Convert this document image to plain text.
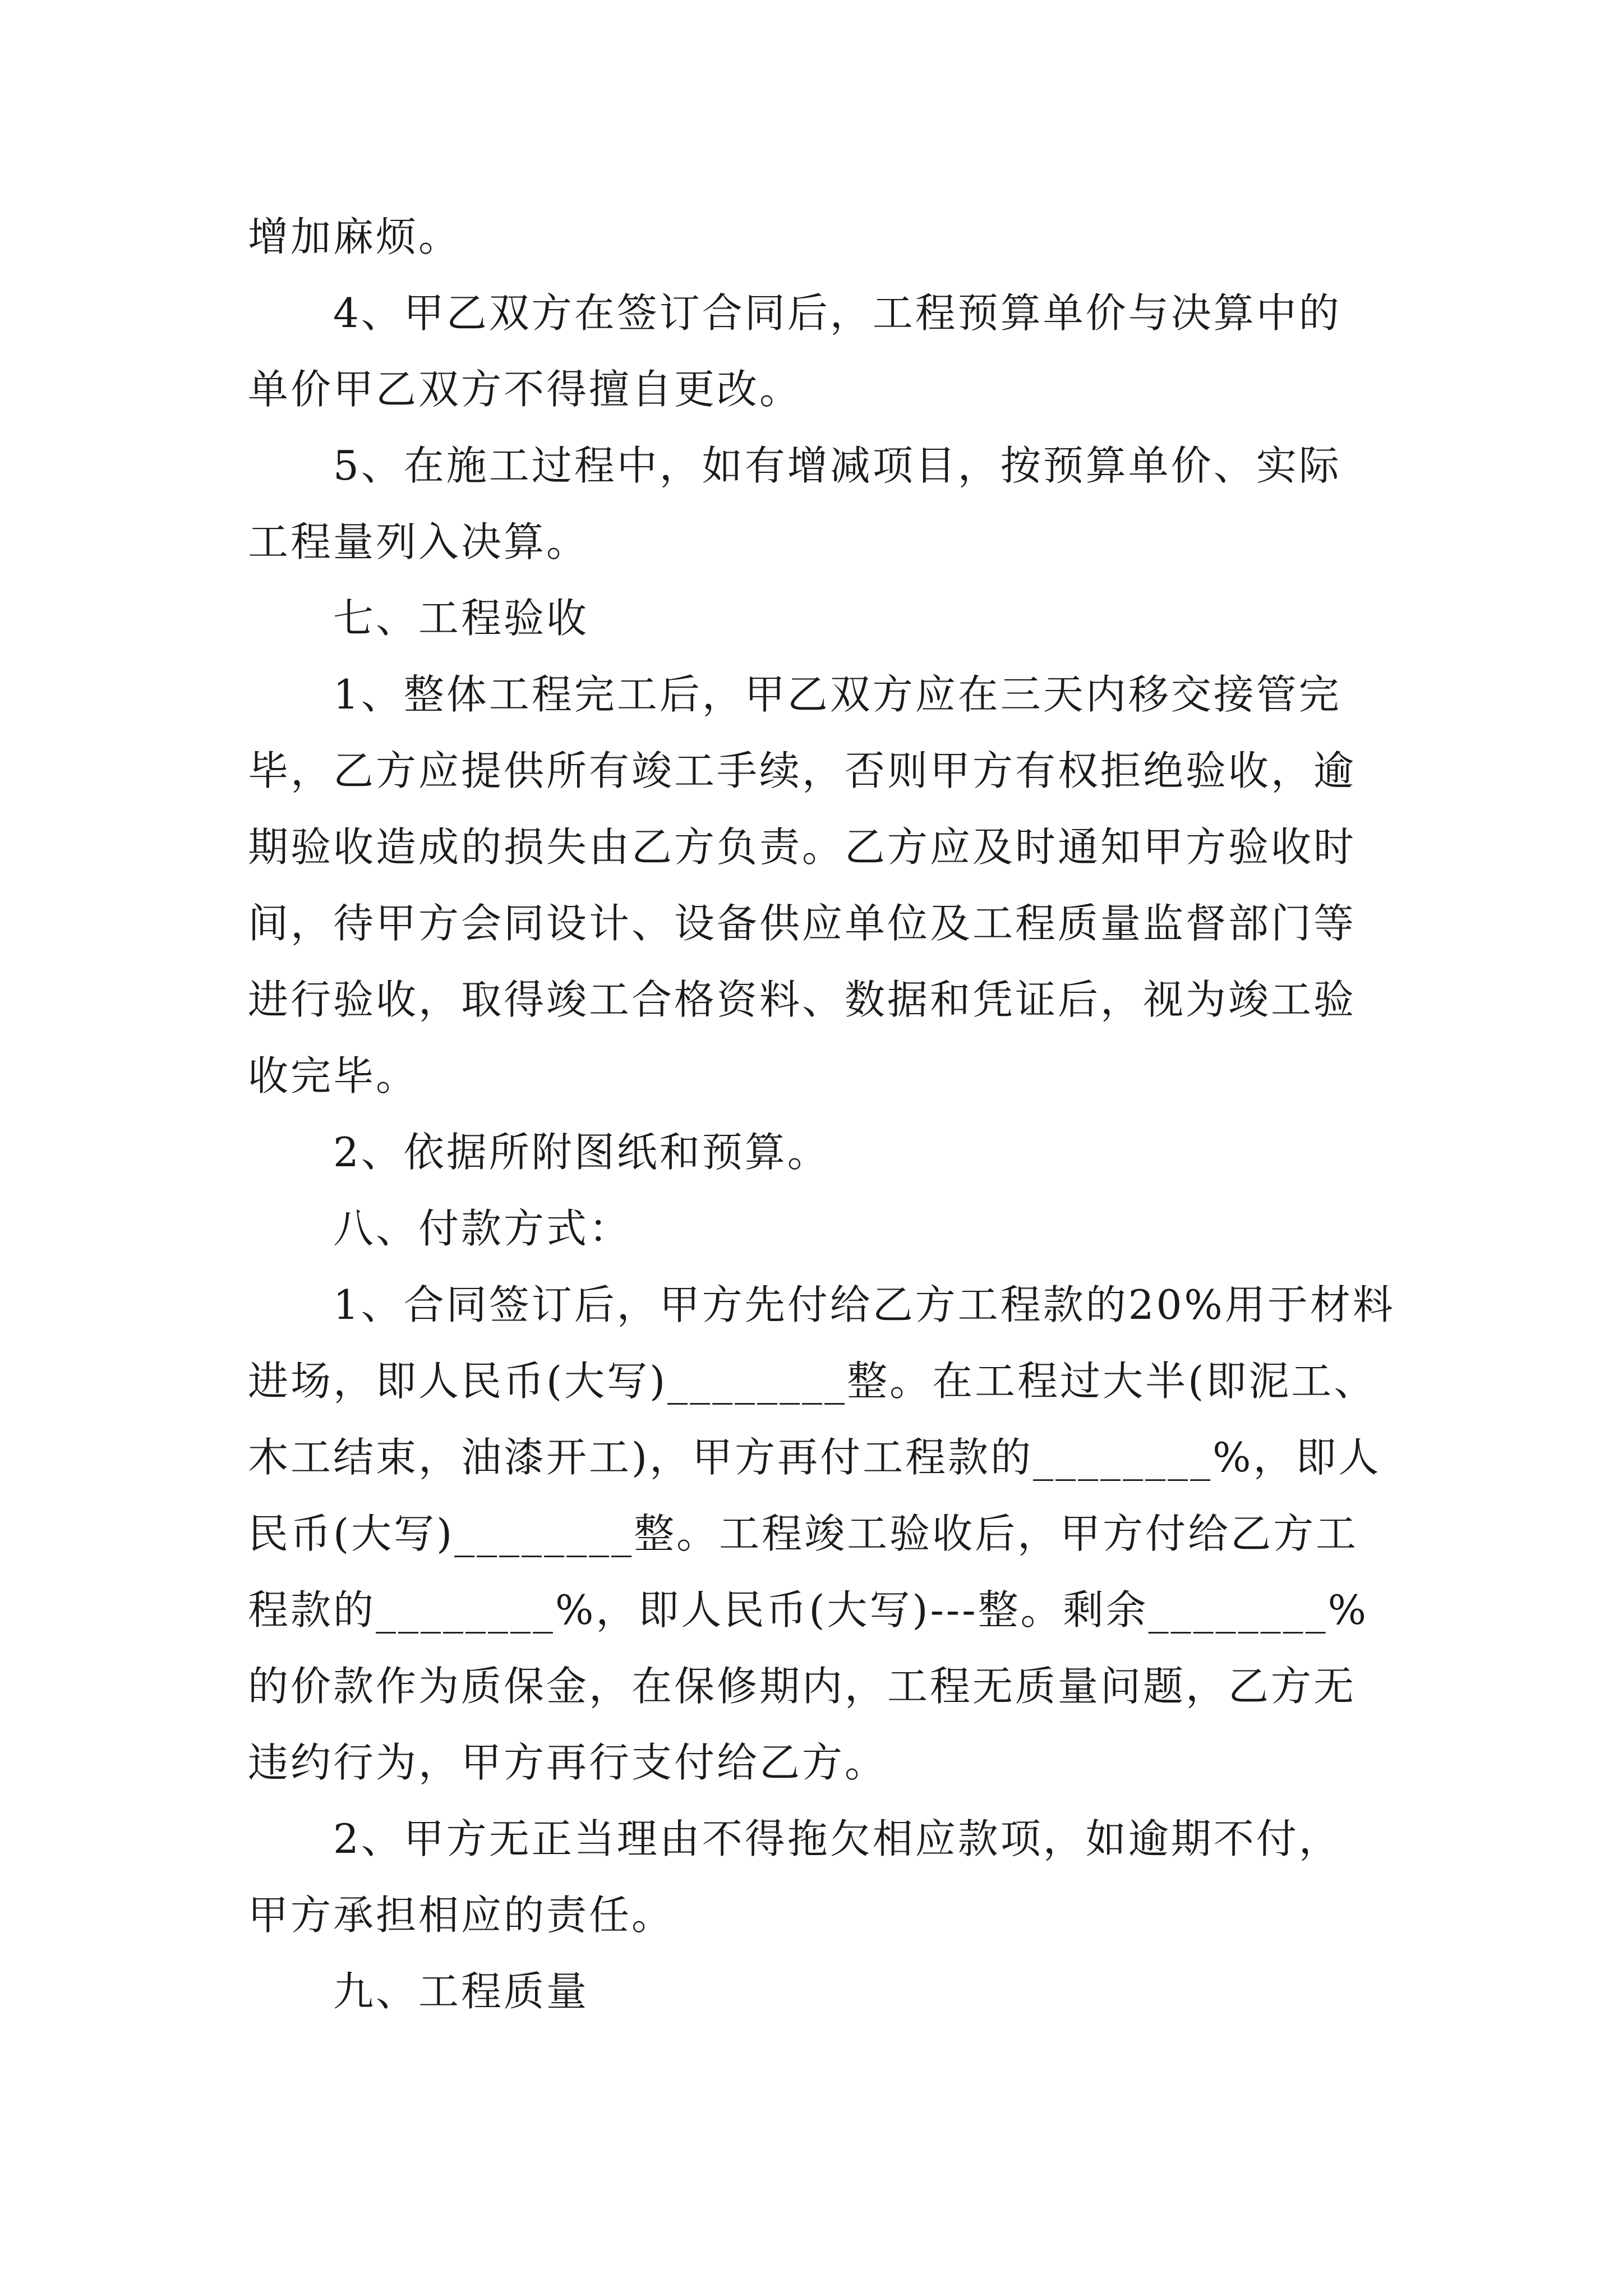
增加麻烦。
　　4、甲乙双方在签订合同后，工程预算单价与决算中的
单价甲乙双方不得擅自更改。
　　5、在施工过程中，如有增减项目，按预算单价、实际
工程量列入决算。
　　七、工程验收
　　1、整体工程完工后，甲乙双方应在三天内移交接管完
毕，乙方应提供所有竣工手续，否则甲方有权拒绝验收，逾
期验收造成的损失由乙方负责。乙方应及时通知甲方验收时
间，待甲方会同设计、设备供应单位及工程质量监督部门等
进行验收，取得竣工合格资料、数据和凭证后，视为竣工验
收完毕。
　　2、依据所附图纸和预算。
　　八、付款方式：
　　1、合同签订后，甲方先付给乙方工程款的20%用于材料
进场，即人民币(大写)________整。在工程过大半(即泥工、
木工结束，油漆开工)，甲方再付工程款的________%，即人
民币(大写)________整。工程竣工验收后，甲方付给乙方工
程款的________%，即人民币(大写)---整。剩余________%
的价款作为质保金，在保修期内，工程无质量问题，乙方无
违约行为，甲方再行支付给乙方。
　　2、甲方无正当理由不得拖欠相应款项，如逾期不付，
甲方承担相应的责任。
　　九、工程质量
